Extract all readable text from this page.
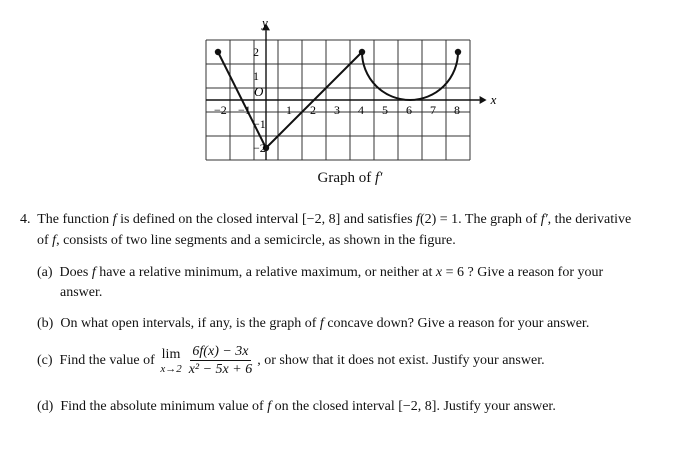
−2 −1	1 2 3 4 5 6 7 8
2
1
−1
−2
y
x
O
Graph of f′
4. The function f is defined on the closed interval [−2, 8] and satisfies f(2) = 1. The graph of f′, the derivative
of f, consists of two line segments and a semicircle, as shown in the figure.
(a) Does f have a relative minimum, a relative maximum, or neither at x = 6 ? Give a reason for your
answer.
(b) On what open intervals, if any, is the graph of f concave down? Give a reason for your answer.
(c)
Find the value of
lim
$x\to 2 \frac{6f(x) - 3x}{\text{x² − 5x + 6}}$ , or show that it does not exist. Justify your answer.
(d) Find the absolute minimum value of f on the closed interval [−2, 8]. Justify your answer.
